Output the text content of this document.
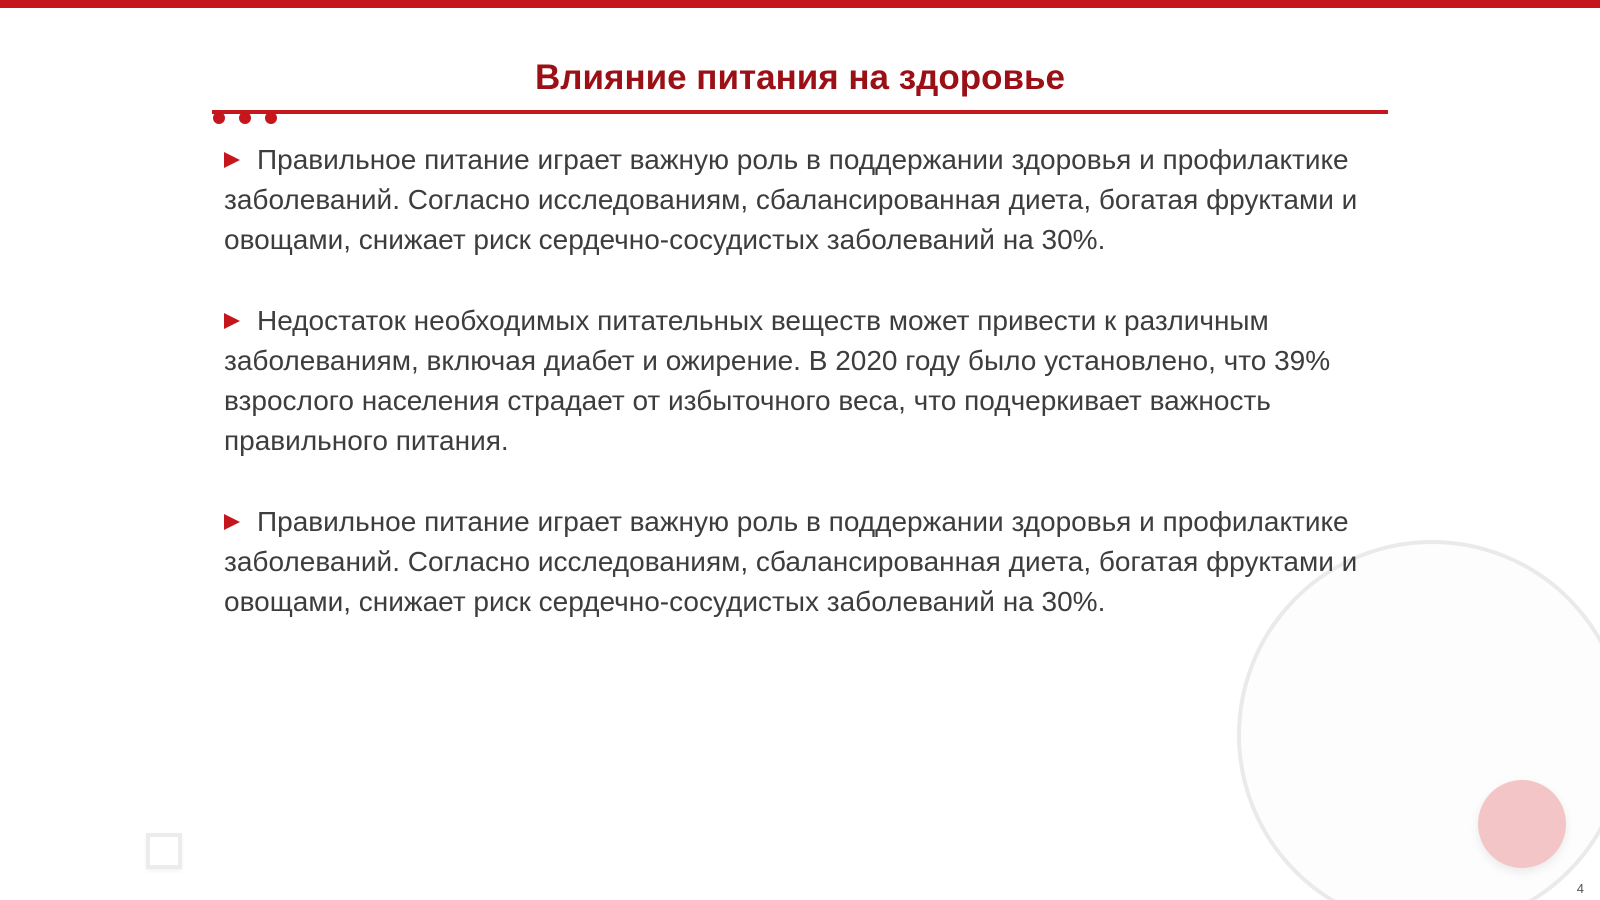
Влияние питания на здоровье
Правильное питание играет важную роль в поддержании здоровья и профилактике заболеваний. Согласно исследованиям, сбалансированная диета, богатая фруктами и овощами, снижает риск сердечно-сосудистых заболеваний на 30%.
Недостаток необходимых питательных веществ может привести к различным заболеваниям, включая диабет и ожирение. В 2020 году было установлено, что 39% взрослого населения страдает от избыточного веса, что подчеркивает важность правильного питания.
Правильное питание играет важную роль в поддержании здоровья и профилактике заболеваний. Согласно исследованиям, сбалансированная диета, богатая фруктами и овощами, снижает риск сердечно-сосудистых заболеваний на 30%.
4
